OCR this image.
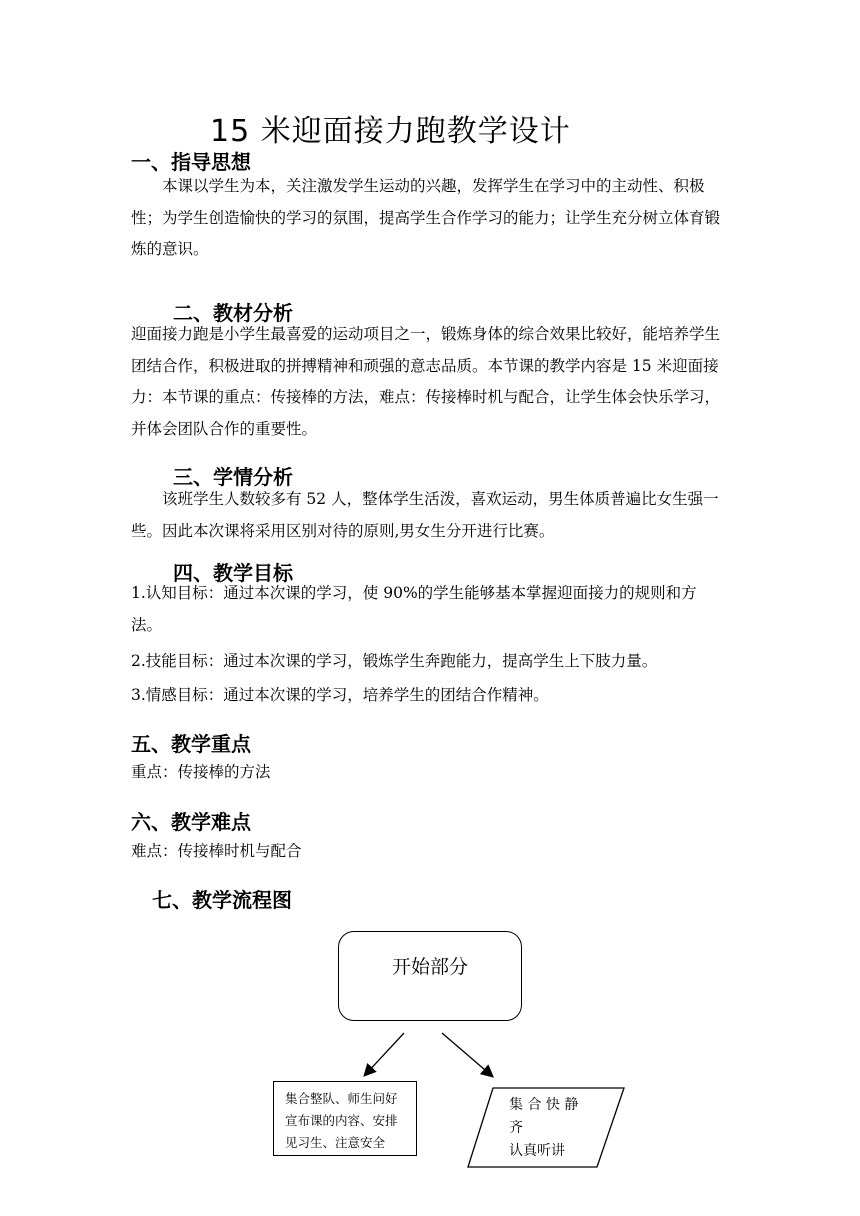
15 米迎面接力跑教学设计
一、指导思想
本课以学生为本，关注激发学生运动的兴趣，发挥学生在学习中的主动性、积极性；为学生创造愉快的学习的氛围，提高学生合作学习的能力；让学生充分树立体育锻炼的意识。
二、教材分析
迎面接力跑是小学生最喜爱的运动项目之一，锻炼身体的综合效果比较好，能培养学生团结合作，积极进取的拼搏精神和顽强的意志品质。本节课的教学内容是 15 米迎面接力：本节课的重点：传接棒的方法，难点：传接棒时机与配合，让学生体会快乐学习，并体会团队合作的重要性。
三、学情分析
该班学生人数较多有 52 人，整体学生活泼，喜欢运动，男生体质普遍比女生强一些。因此本次课将采用区别对待的原则,男女生分开进行比赛。
四、教学目标
1.认知目标：通过本次课的学习，使 90%的学生能够基本掌握迎面接力的规则和方法。
2.技能目标：通过本次课的学习，锻炼学生奔跑能力，提高学生上下肢力量。
3.情感目标：通过本次课的学习，培养学生的团结合作精神。
五、教学重点
重点：传接棒的方法
六、教学难点
难点：传接棒时机与配合
七、教学流程图
开始部分
集合整队、师生问好
宣布课的内容、安排
见习生、注意安全
集 合 快 静
齐
认真听讲
